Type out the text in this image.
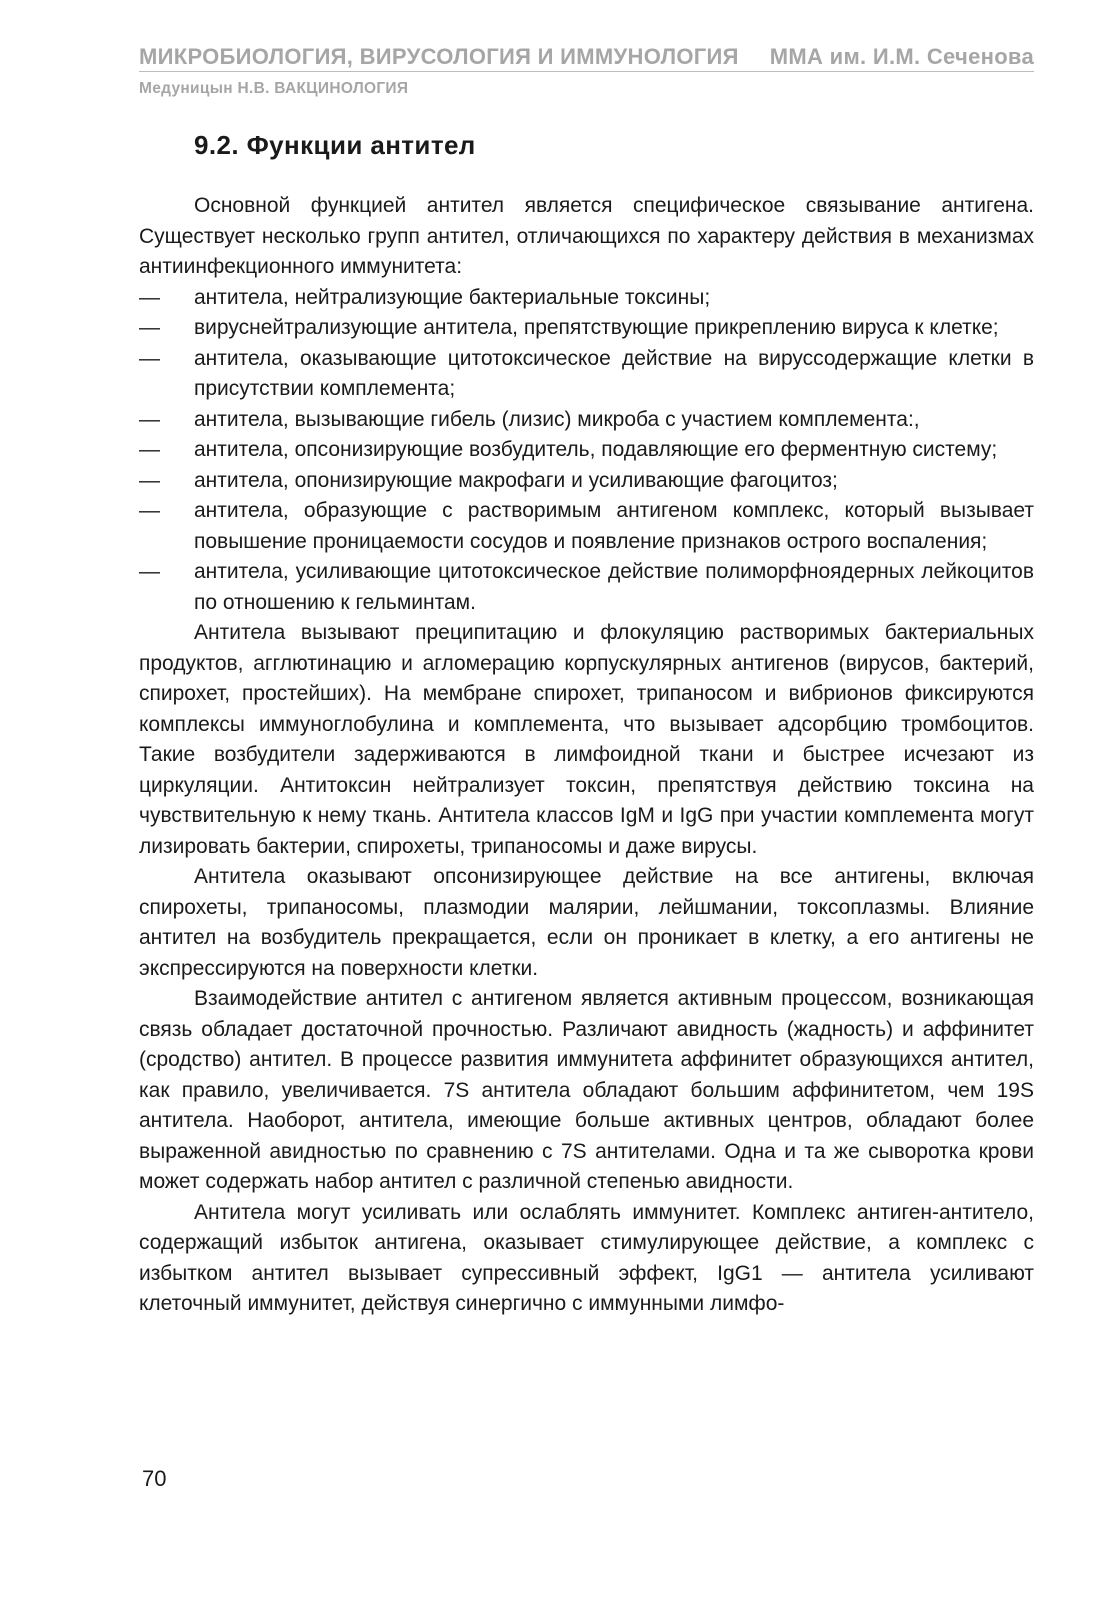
МИКРОБИОЛОГИЯ, ВИРУСОЛОГИЯ И ИММУНОЛОГИЯ ММА им. И.М. Сеченова
Медуницын Н.В. ВАКЦИНОЛОГИЯ
9.2. Функции антител

Основной функцией антител является специфическое связывание антигена. Существует несколько групп антител, отличающихся по характеру действия в механизмах антиинфекционного иммунитета:

— антитела, нейтрализующие бактериальные токсины;
— вируснейтрализующие антитела, препятствующие прикреплению вируса к клетке;
— антитела, оказывающие цитотоксическое действие на вируссодержащие клетки в присутствии комплемента;
— антитела, вызывающие гибель (лизис) микроба с участием комплемента:,
— антитела, опсонизирующие возбудитель, подавляющие его ферментную систему;
— антитела, опонизирующие макрофаги и усиливающие фагоцитоз;
— антитела, образующие с растворимым антигеном комплекс, который вызывает повышение проницаемости сосудов и появление признаков острого воспаления;
— антитела, усиливающие цитотоксическое действие полиморфноядерных лейкоцитов по отношению к гельминтам.

Антитела вызывают преципитацию и флокуляцию растворимых бактериальных продуктов, агглютинацию и агломерацию корпускулярных антигенов (вирусов, бактерий, спирохет, простейших). На мембране спирохет, трипаносом и вибрионов фиксируются комплексы иммуноглобулина и комплемента, что вызывает адсорбцию тромбоцитов. Такие возбудители задерживаются в лимфоидной ткани и быстрее исчезают из циркуляции. Антитоксин нейтрализует токсин, препятствуя действию токсина на чувствительную к нему ткань. Антитела классов IgM и IgG при участии комплемента могут лизировать бактерии, спирохеты, трипаносомы и даже вирусы.

Антитела оказывают опсонизирующее действие на все антигены, включая спирохеты, трипаносомы, плазмодии малярии, лейшмании, токсоплазмы. Влияние антител на возбудитель прекращается, если он проникает в клетку, а его антигены не экспрессируются на поверхности клетки.

Взаимодействие антител с антигеном является активным процессом, возникающая связь обладает достаточной прочностью. Различают авидность (жадность) и аффинитет (сродство) антител. В процессе развития иммунитета аффинитет образующихся антител, как правило, увеличивается. 7S антитела обладают большим аффинитетом, чем 19S антитела. Наоборот, антитела, имеющие больше активных центров, обладают более выраженной авидностью по сравнению с 7S антителами. Одна и та же сыворотка крови может содержать набор антител с различной степенью авидности.

Антитела могут усиливать или ослаблять иммунитет. Комплекс антиген-антитело, содержащий избыток антигена, оказывает стимулирующее действие, а комплекс с избытком антител вызывает супрессивный эффект, IgG1 — антитела усиливают клеточный иммунитет, действуя синергично с иммунными лимфо-

70
